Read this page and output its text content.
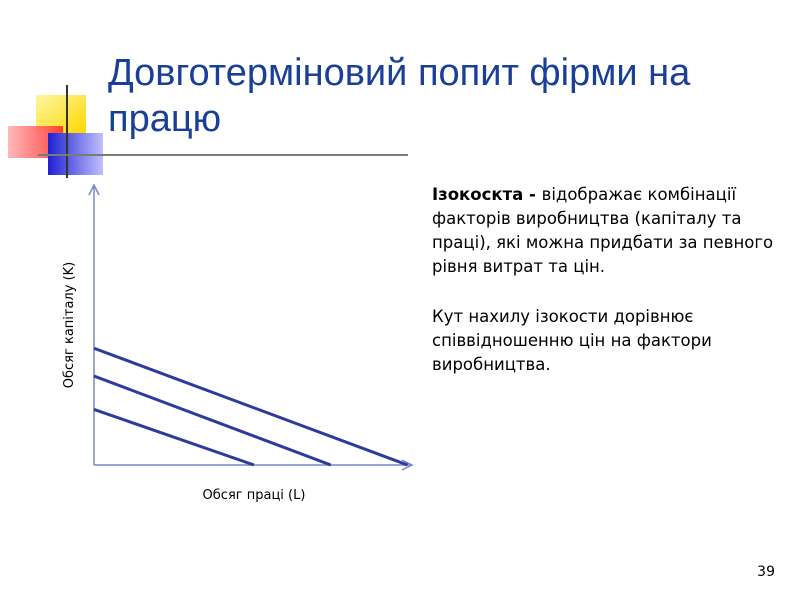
Довготерміновий попит фірми на працю
Обсяг праці (L)
Обсяг капіталу (K)

Ізокоскта - відображає комбінації факторів виробництва (капіталу та праці), які можна придбати за певного рівня витрат та цін.

Кут нахилу ізокости дорівнює співвідношенню цін на фактори виробництва.

39
